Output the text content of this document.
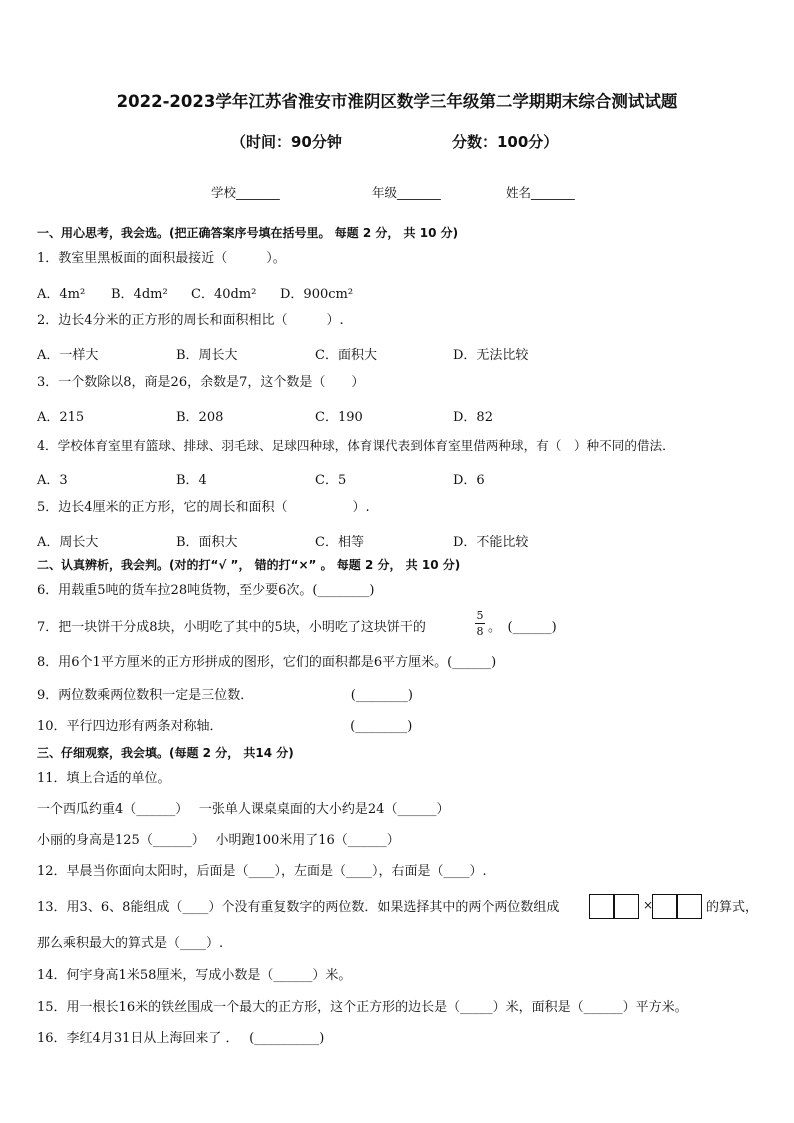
2022-2023学年江苏省淮安市淮阴区数学三年级第二学期期末综合测试试题
（时间：90分钟	分数：100分）
学校_______	年级_______	姓名_______
一、用心思考，我会选。(把正确答案序号填在括号里。 每题 2 分， 共 10 分)
1．教室里黑板面的面积最接近（　　　）。
A．4m² B．4dm² C．40dm² D．900cm²
2．边长4分米的正方形的周长和面积相比（　　　）.
A．一样大	B．周长大	C．面积大	D．无法比较
3．一个数除以8，商是26，余数是7，这个数是（　　）
A．215	B．208	C．190	D．82
4．学校体育室里有篮球、排球、羽毛球、足球四种球，体育课代表到体育室里借两种球，有（　）种不同的借法．
A．3	B．4	C．5	D．6
5．边长4厘米的正方形，它的周长和面积（　　　　　）.
A．周长大	B．面积大	C．相等	D．不能比较
二、认真辨析，我会判。(对的打“√ ”， 错的打“×” 。 每题 2 分， 共 10 分)
6．用载重5吨的货车拉28吨货物，至少要6次。(________)
7．把一块饼干分成8块，小明吃了其中的5块，小明吃了这块饼干的
5
8 。　(______)
8．用6个1平方厘米的正方形拼成的图形，它们的面积都是6平方厘米。(______)
9．两位数乘两位数积一定是三位数．　　　　　　　　(________)
10．平行四边形有两条对称轴．　　　　　　　　　　 (________)
三、仔细观察，我会填。(每题 2 分， 共14 分)
11．填上合适的单位。
一个西瓜约重4（______）　 一张单人课桌桌面的大小约是24（______）
小丽的身高是125（______）　 小明跑100米用了16（______）
12．早晨当你面向太阳时，后面是（____），左面是（____），右面是（____）.
13．用3、6、8能组成（____）个没有重复数字的两位数．如果选择其中的两个两位数组成	×	的算式，
那么乘积最大的算式是（____）.
14．何宇身高1米58厘米，写成小数是（______）米。
15．用一根长16米的铁丝围成一个最大的正方形，这个正方形的边长是（_____）米，面积是（______）平方米。
16．李红4月31日从上海回来了 ．　 (__________)
